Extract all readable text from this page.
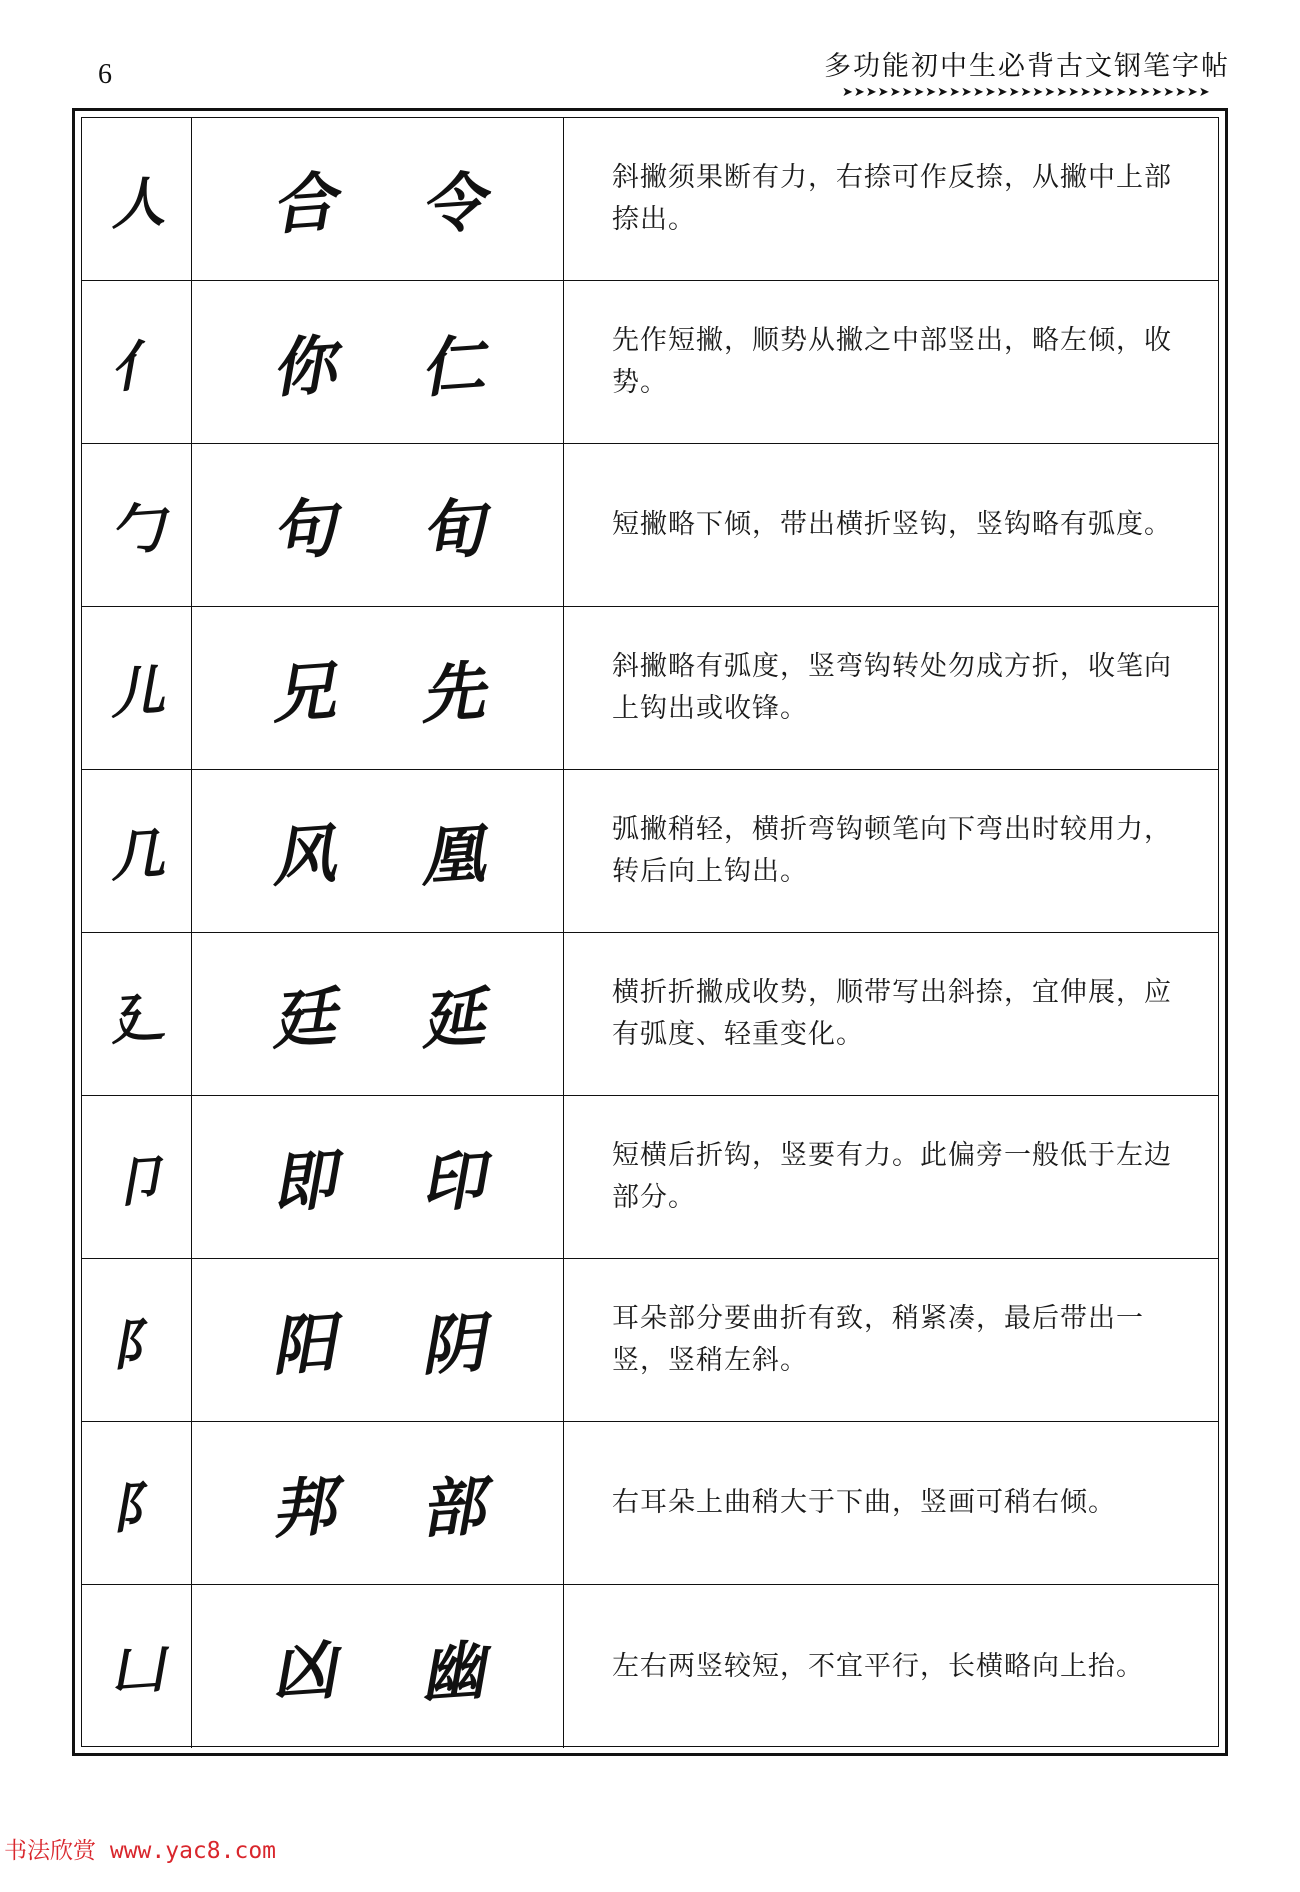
6	多功能初中生必背古文钢笔字帖
➤➤➤➤➤➤➤➤➤➤➤➤➤➤➤➤➤➤➤➤➤➤➤➤➤➤➤➤➤➤➤
人 合 令	斜撇须果断有力，右捺可作反捺，从撇中上部捺出。
亻 你 仁	先作短撇，顺势从撇之中部竖出，略左倾，收势。
勹 句 旬	短撇略下倾，带出横折竖钩，竖钩略有弧度。
儿 兄 先	斜撇略有弧度，竖弯钩转处勿成方折，收笔向上钩出或收锋。
几 风 凰	弧撇稍轻，横折弯钩顿笔向下弯出时较用力，转后向上钩出。
廴 廷 延	横折折撇成收势，顺带写出斜捺，宜伸展，应有弧度、轻重变化。
卩 即 印	短横后折钩，竖要有力。此偏旁一般低于左边部分。
阝 阳 阴	耳朵部分要曲折有致，稍紧凑，最后带出一竖，竖稍左斜。
阝 邦 部	右耳朵上曲稍大于下曲，竖画可稍右倾。
凵 凶 幽	左右两竖较短，不宜平行，长横略向上抬。
书法欣赏 www.yac8.com
